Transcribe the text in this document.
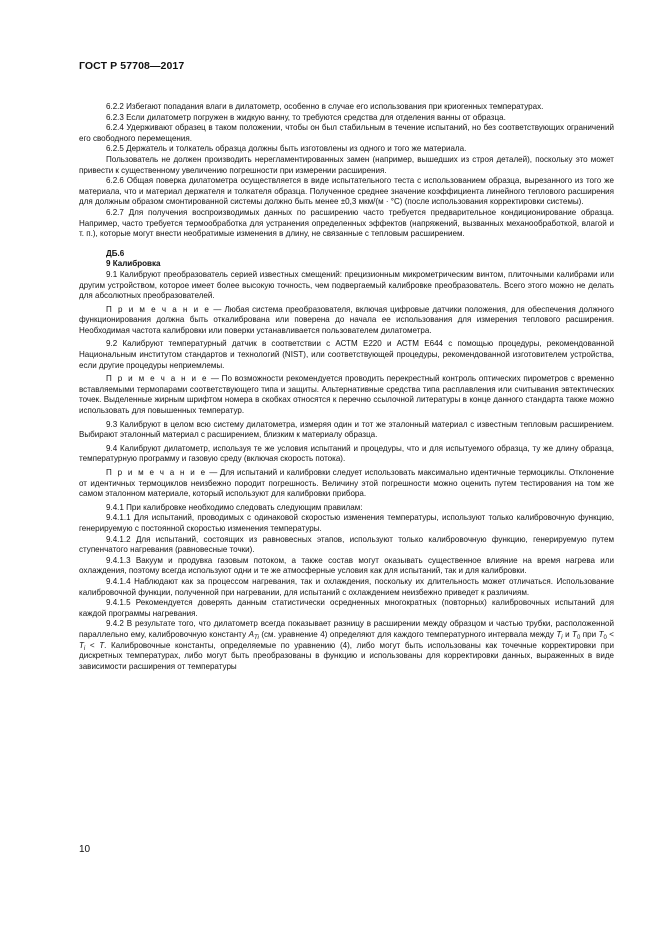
ГОСТ Р 57708—2017

6.2.2 Избегают попадания влаги в дилатометр, особенно в случае его использования при криогенных температурах.

6.2.3 Если дилатометр погружен в жидкую ванну, то требуются средства для отделения ванны от образца.

6.2.4 Удерживают образец в таком положении, чтобы он был стабильным в течение испытаний, но без соответствующих ограничений его свободного перемещения.

6.2.5 Держатель и толкатель образца должны быть изготовлены из одного и того же материала.

Пользователь не должен производить нерегламентированных замен (например, вышедших из строя деталей), поскольку это может привести к существенному увеличению погрешности при измерении расширения.

6.2.6 Общая поверка дилатометра осуществляется в виде испытательного теста с использованием образца, вырезанного из того же материала, что и материал держателя и толкателя образца. Полученное среднее значение коэффициента линейного теплового расширения для должным образом смонтированной системы должно быть менее ±0,3 мкм/(м · °С) (после использования корректировки системы).

6.2.7 Для получения воспроизводимых данных по расширению часто требуется предварительное кондиционирование образца. Например, часто требуется термообработка для устранения определенных эффектов (напряжений, вызванных механообработкой, влагой и т. п.), которые могут внести необратимые изменения в длину, не связанные с тепловым расширением.

ДБ.6

9 Калибровка

9.1 Калибруют преобразователь серией известных смещений: прецизионным микрометрическим винтом, плиточными калибрами или другим устройством, которое имеет более высокую точность, чем подвергаемый калибровке преобразователь. Всего этого можно не делать для абсолютных преобразователей.

П р и м е ч а н и е — Любая система преобразователя, включая цифровые датчики положения, для обеспечения должного функционирования должна быть откалибрована или поверена до начала ее использования для измерения теплового расширения. Необходимая частота калибровки или поверки устанавливается пользователем дилатометра.

9.2 Калибруют температурный датчик в соответствии с АСТМ Е220 и АСТМ Е644 с помощью процедуры, рекомендованной Национальным институтом стандартов и технологий (NIST), или соответствующей процедуры, рекомендованной изготовителем устройства, если другие процедуры неприемлемы.

П р и м е ч а н и е — По возможности рекомендуется проводить перекрестный контроль оптических пирометров с временно вставляемыми термопарами соответствующего типа и защиты. Альтернативные средства типа расплавления или считывания эвтектических точек. Выделенные жирным шрифтом номера в скобках относятся к перечню ссылочной литературы в конце данного стандарта также можно использовать для повышенных температур.

9.3 Калибруют в целом всю систему дилатометра, измеряя один и тот же эталонный материал с известным тепловым расширением. Выбирают эталонный материал с расширением, близким к материалу образца.

9.4 Калибруют дилатометр, используя те же условия испытаний и процедуры, что и для испытуемого образца, ту же длину образца, температурную программу и газовую среду (включая скорость потока).

П р и м е ч а н и е — Для испытаний и калибровки следует использовать максимально идентичные термоциклы. Отклонение от идентичных термоциклов неизбежно породит погрешность. Величину этой погрешности можно оценить путем тестирования на том же самом эталонном материале, который используют для калибровки прибора.

9.4.1 При калибровке необходимо следовать следующим правилам:

9.4.1.1 Для испытаний, проводимых с одинаковой скоростью изменения температуры, используют только калибровочную функцию, генерируемую с постоянной скоростью изменения температуры.

9.4.1.2 Для испытаний, состоящих из равновесных этапов, используют только калибровочную функцию, генерируемую путем ступенчатого нагревания (равновесные точки).

9.4.1.3 Вакуум и продувка газовым потоком, а также состав могут оказывать существенное влияние на время нагрева или охлаждения, поэтому всегда используют одни и те же атмосферные условия как для испытаний, так и для калибровки.

9.4.1.4 Наблюдают как за процессом нагревания, так и охлаждения, поскольку их длительность может отличаться. Использование калибровочной функции, полученной при нагревании, для испытаний с охлаждением неизбежно приведет к различиям.

9.4.1.5 Рекомендуется доверять данным статистически осредненных многократных (повторных) калибровочных испытаний для каждой программы нагревания.

9.4.2 В результате того, что дилатометр всегда показывает разницу в расширении между образцом и частью трубки, расположенной параллельно ему, калибровочную константу $A_{Ti}$ (см. уравнение 4) определяют для каждого температурного интервала между $T_i$ и $T_0$ при $T_0 < T_i < T$. Калибровочные константы, определяемые по уравнению (4), либо могут быть использованы как точечные корректировки при дискретных температурах, либо могут быть преобразованы в функцию и использованы для корректировки данных, выраженных в виде зависимости расширения от температуры

10
